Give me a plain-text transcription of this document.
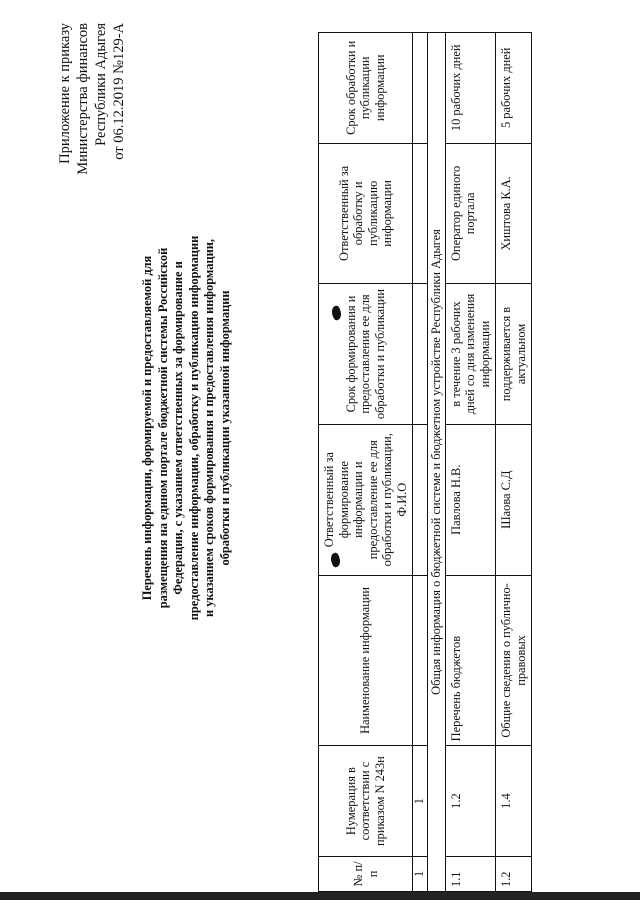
Приложение к приказу Министерства финансов Республики Адыгея от 06.12.2019 №129-А
Перечень информации, формируемой и предоставляемой для размещения на едином портале бюджетной системы Российской Федерации, с указанием ответственных за формирование и предоставление информации, обработку и публикацию информации и указанием сроков формирования и предоставления информации, обработки и публикации указанной информации
№ п/п	Нумерация в соответствии с приказом N 243н	Наименование информации	Ответственный за формирование информации и предоставление ее для обработки и публикации, Ф.И.О	Срок формирования и предоставления ее для обработки и публикации	Ответственный за обработку и публикацию информации	Срок обработки и публикации информации
1	1					
Общая информация о бюджетной системе и бюджетном устройстве Республики Адыгея						
1.1	1.2	Перечень бюджетов	Павлова Н.В.	в течение 3 рабочих дней со дня изменения информации	Оператор единого портала	10 рабочих дней
1.2	1.4	Общие сведения о публично-правовых	Шаова С.Д	поддерживается в актуальном	Хиштова К.А.	5 рабочих дней
